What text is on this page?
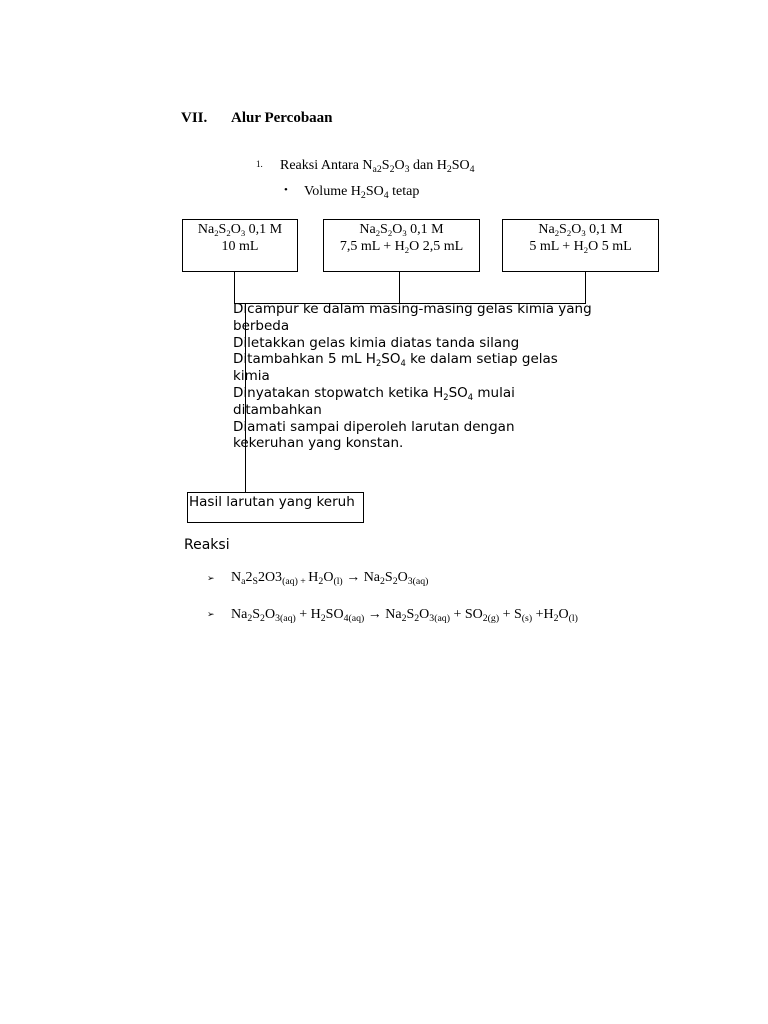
VII. Alur Percobaan
1. Reaksi Antara $N_{a2}S_2O_3$ dan $H_2SO_4$
• Volume $H_2SO_4$ tetap
$Na_2S_2O_3$ 0,1 M
10 mL
$Na_2S_2O_3$ 0,1 M
7,5 mL + $H_2O$ 2,5 mL
$Na_2S_2O_3$ 0,1 M
5 mL + $H_2O$ 5 mL
Dicampur ke dalam masing-masing gelas kimia yang berbeda
Diletakkan gelas kimia diatas tanda silang
Ditambahkan 5 mL $H_2SO_4$ ke dalam setiap gelas kimia
Dinyatakan stopwatch ketika $H_2SO_4$ mulai ditambahkan
Diamati sampai diperoleh larutan dengan kekeruhan yang konstan.
Hasil larutan yang keruh
Reaksi
➢ $N_a2_S2O3_{(aq)}$ $_+$ $H_2O_{(l)} \to Na_2S_2O_{3(aq)}$
➢ $Na_2S_2O_{3(aq)} + H_2SO_{4(aq)} \to Na_2S_2O_{3(aq)} + SO_{2(g)} + S_{(s)} +H_2O_{(l)}$
